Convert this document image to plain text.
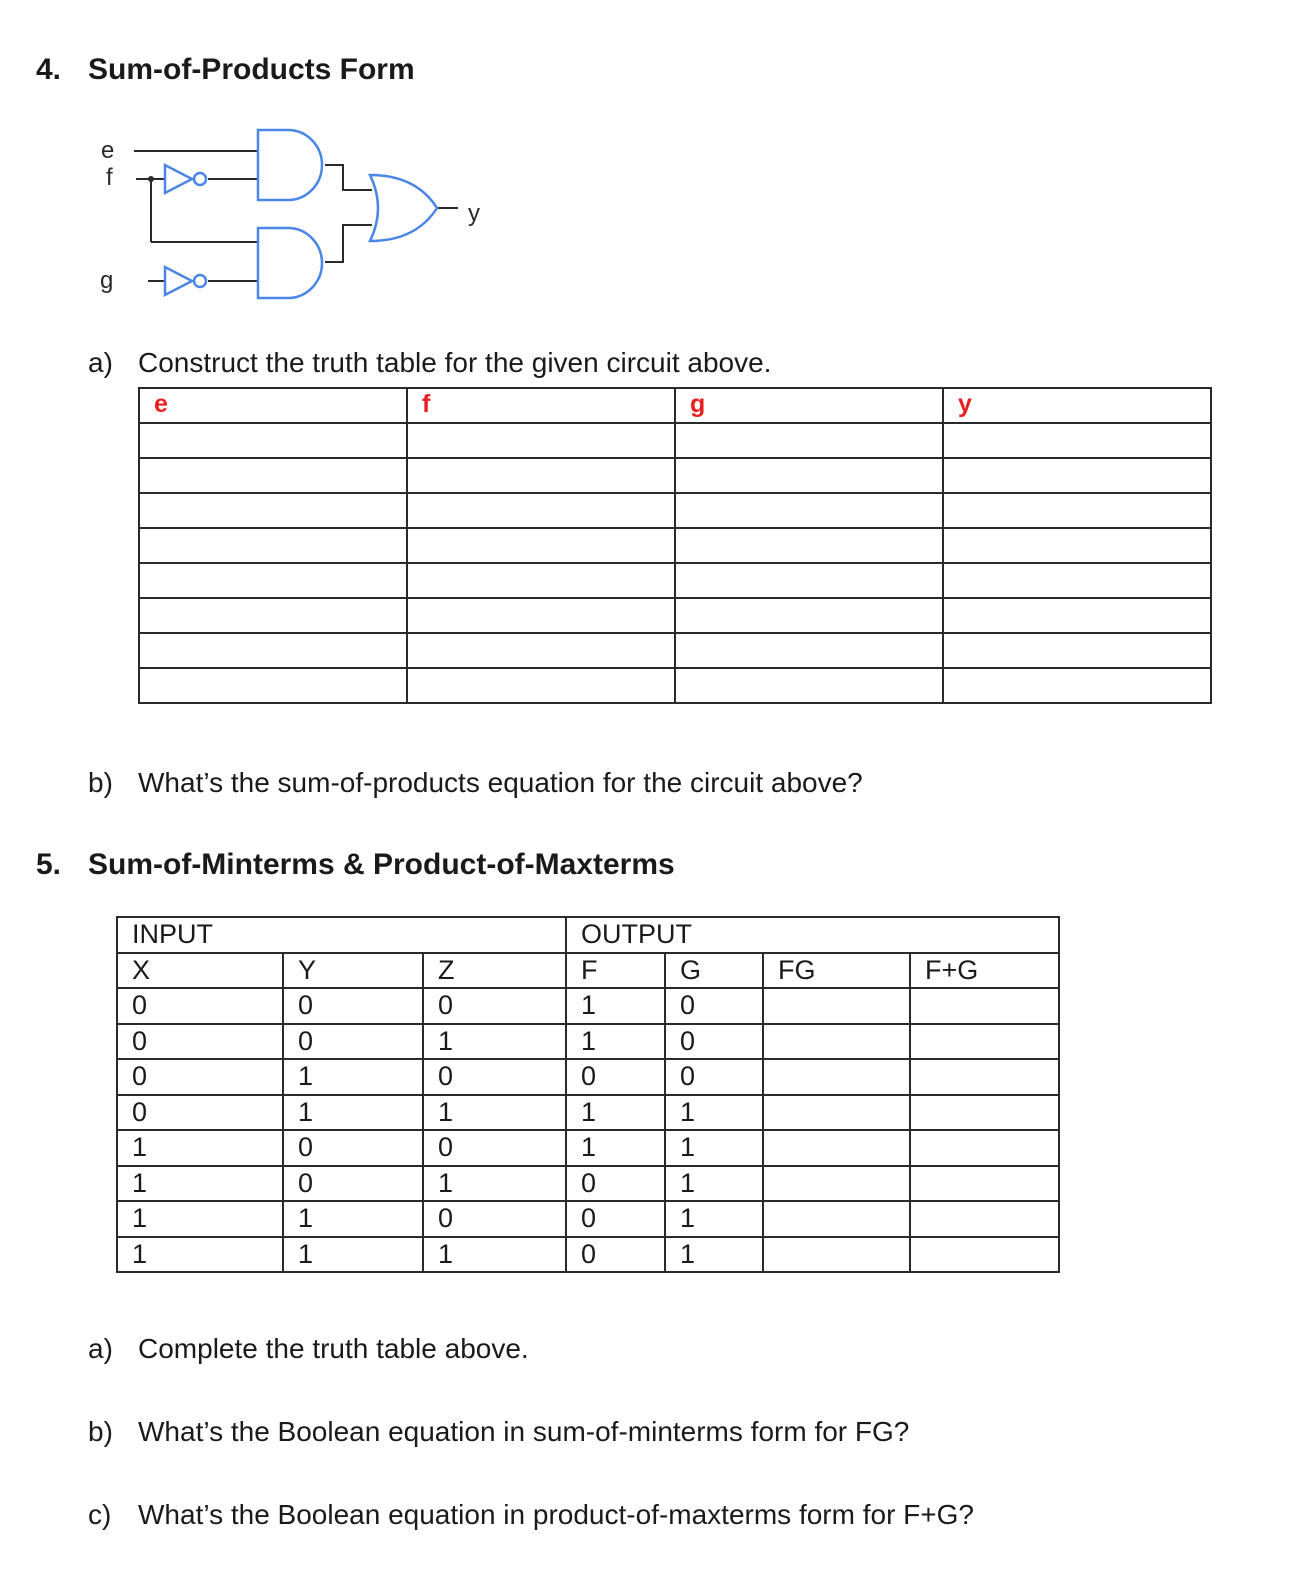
4. Sum-of-Products Form
e
f
g
y
a) Construct the truth table for the given circuit above.
e	f	g	y

b) What’s the sum-of-products equation for the circuit above?
5. Sum-of-Minterms & Product-of-Maxterms
INPUT			OUTPUT			
X	Y	Z	F	G	FG	F+G
0	0	0	1	0		
0	0	1	1	0		
0	1	0	0	0		
0	1	1	1	1		
1	0	0	1	1		
1	0	1	0	1		
1	1	0	0	1		
1	1	1	0	1		
a) Complete the truth table above.
b) What’s the Boolean equation in sum-of-minterms form for FG?
c) What’s the Boolean equation in product-of-maxterms form for F+G?
